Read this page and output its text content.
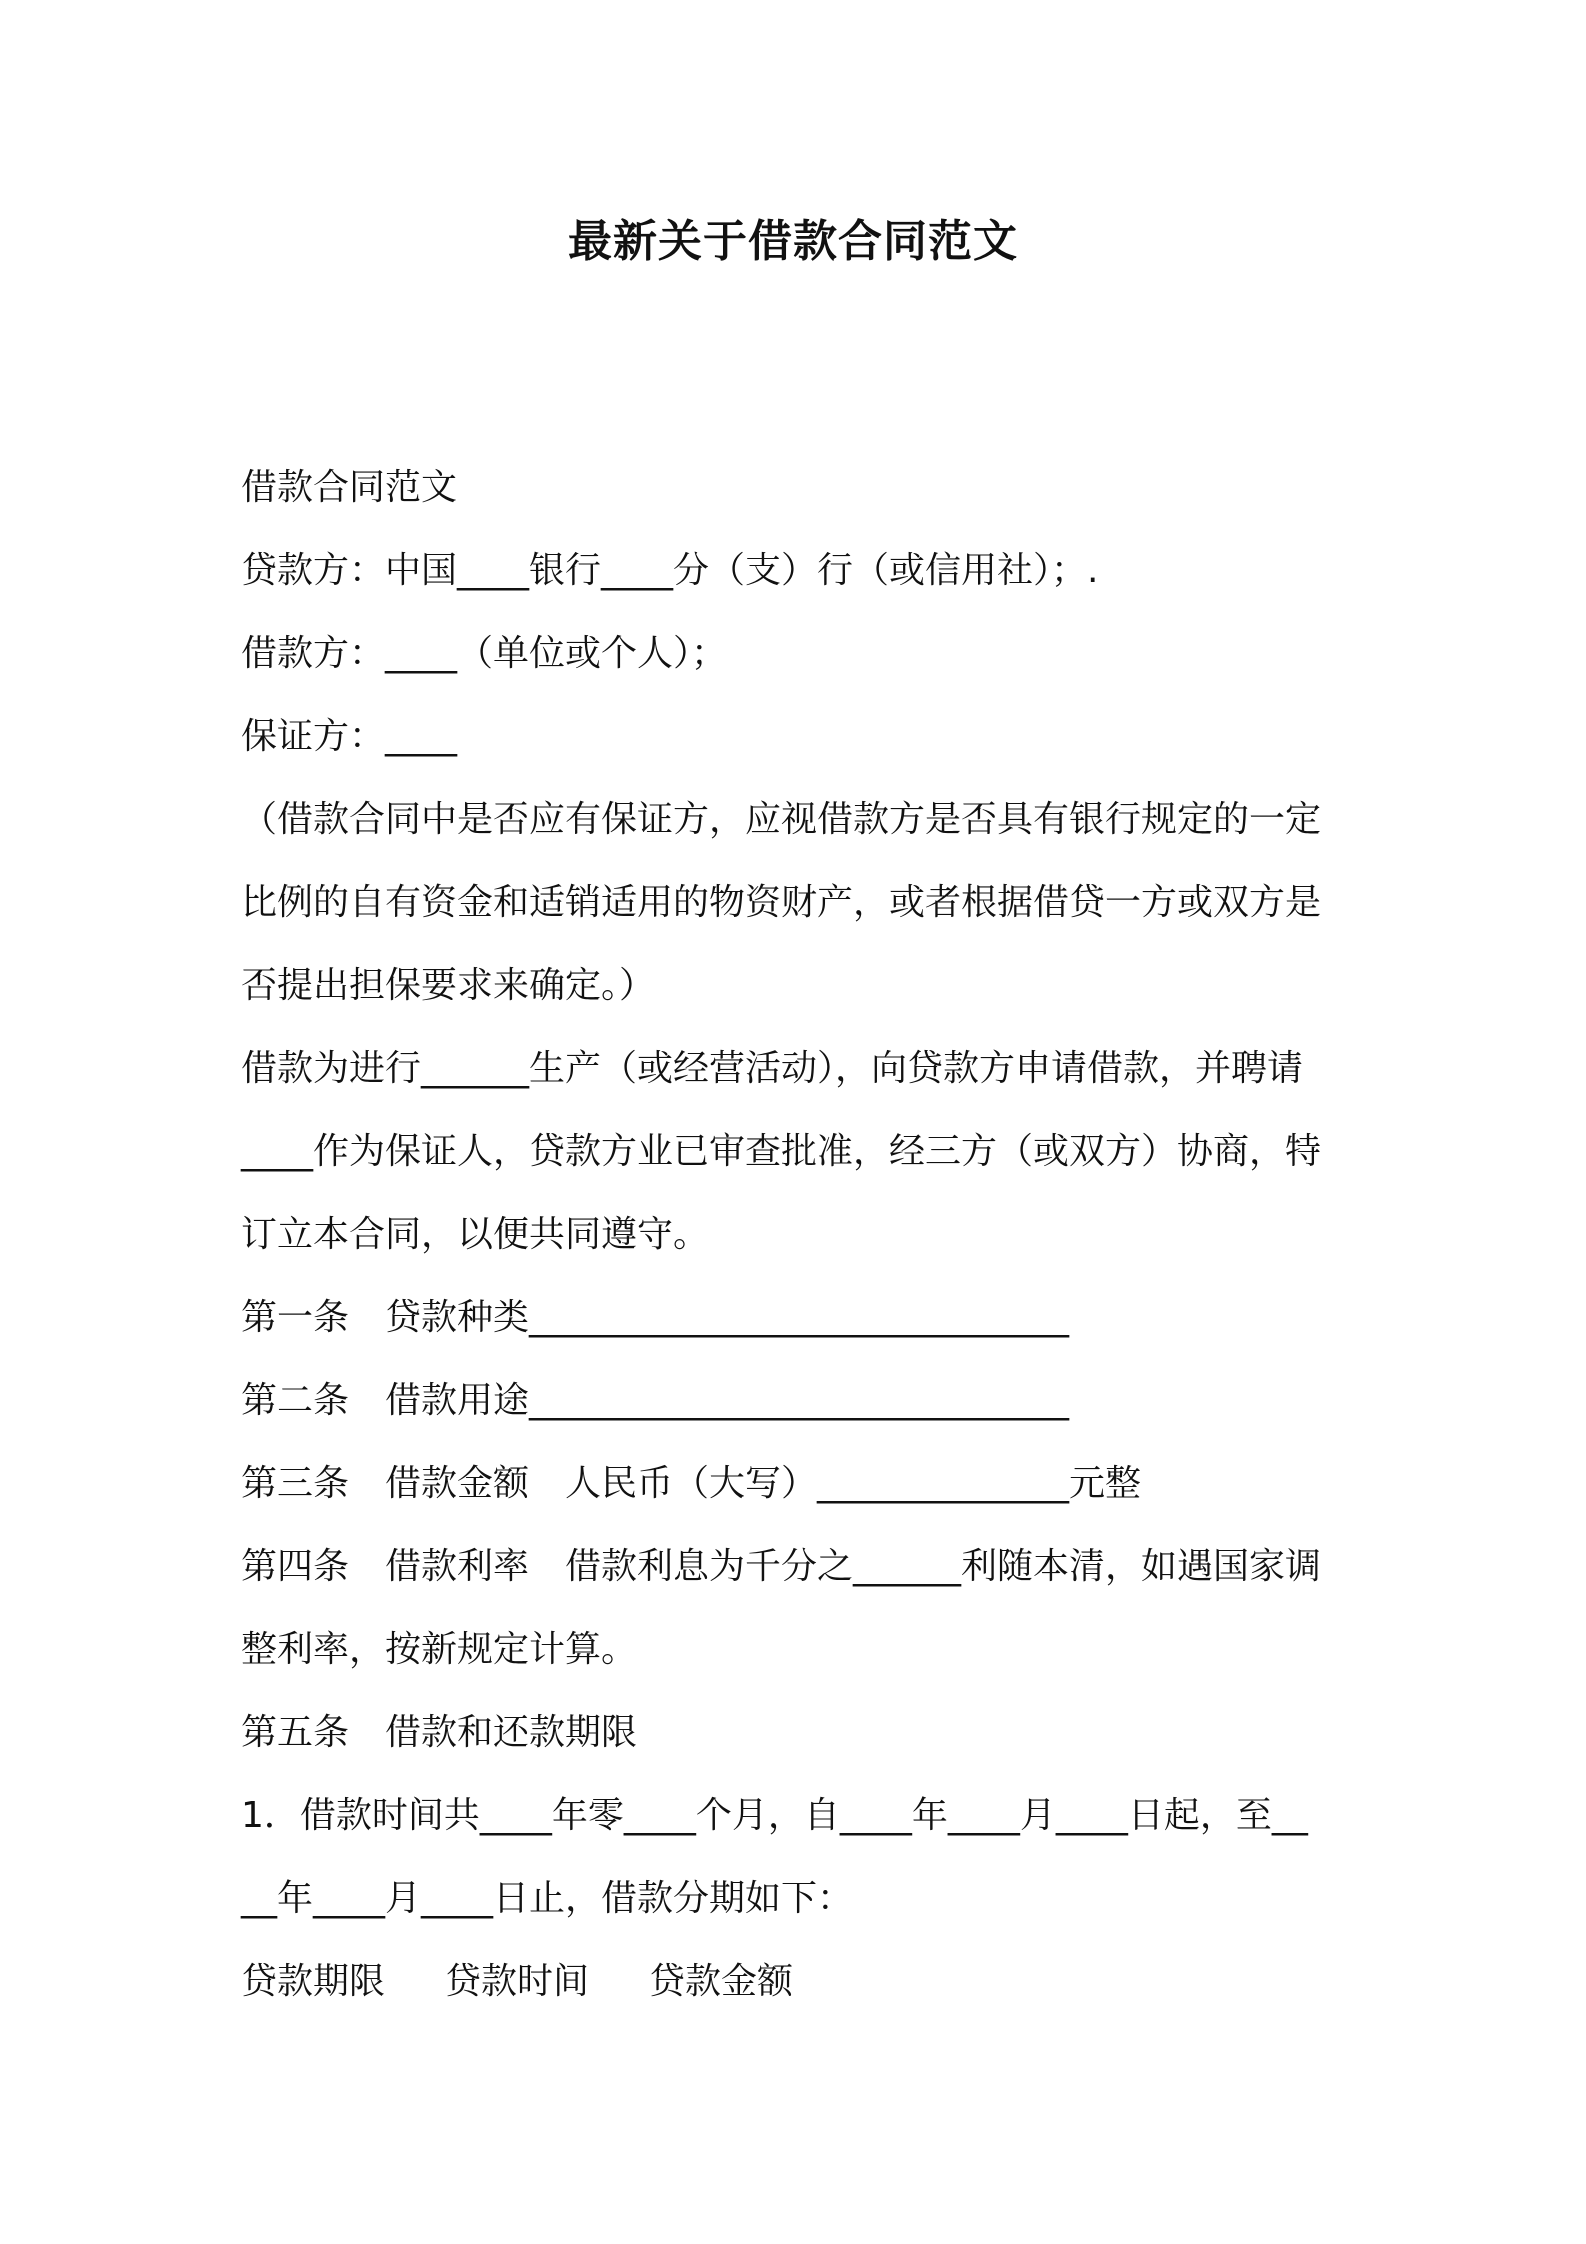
最新关于借款合同范文
借款合同范文
贷款方：中国____银行____分（支）行（或信用社）；.
借款方：____（单位或个人）；
保证方：____
（借款合同中是否应有保证方，应视借款方是否具有银行规定的一定
比例的自有资金和适销适用的物资财产，或者根据借贷一方或双方是
否提出担保要求来确定。）
借款为进行______生产（或经营活动），向贷款方申请借款，并聘请
____作为保证人，贷款方业已审查批准，经三方（或双方）协商，特
订立本合同，以便共同遵守。
第一条 贷款种类______________________________
第二条 借款用途______________________________
第三条 借款金额 人民币（大写）______________元整
第四条 借款利率 借款利息为千分之______利随本清，如遇国家调
整利率，按新规定计算。
第五条 借款和还款期限
1．借款时间共____年零____个月，自____年____月____日起，至__
__年____月____日止，借款分期如下：
贷款期限 贷款时间 贷款金额
